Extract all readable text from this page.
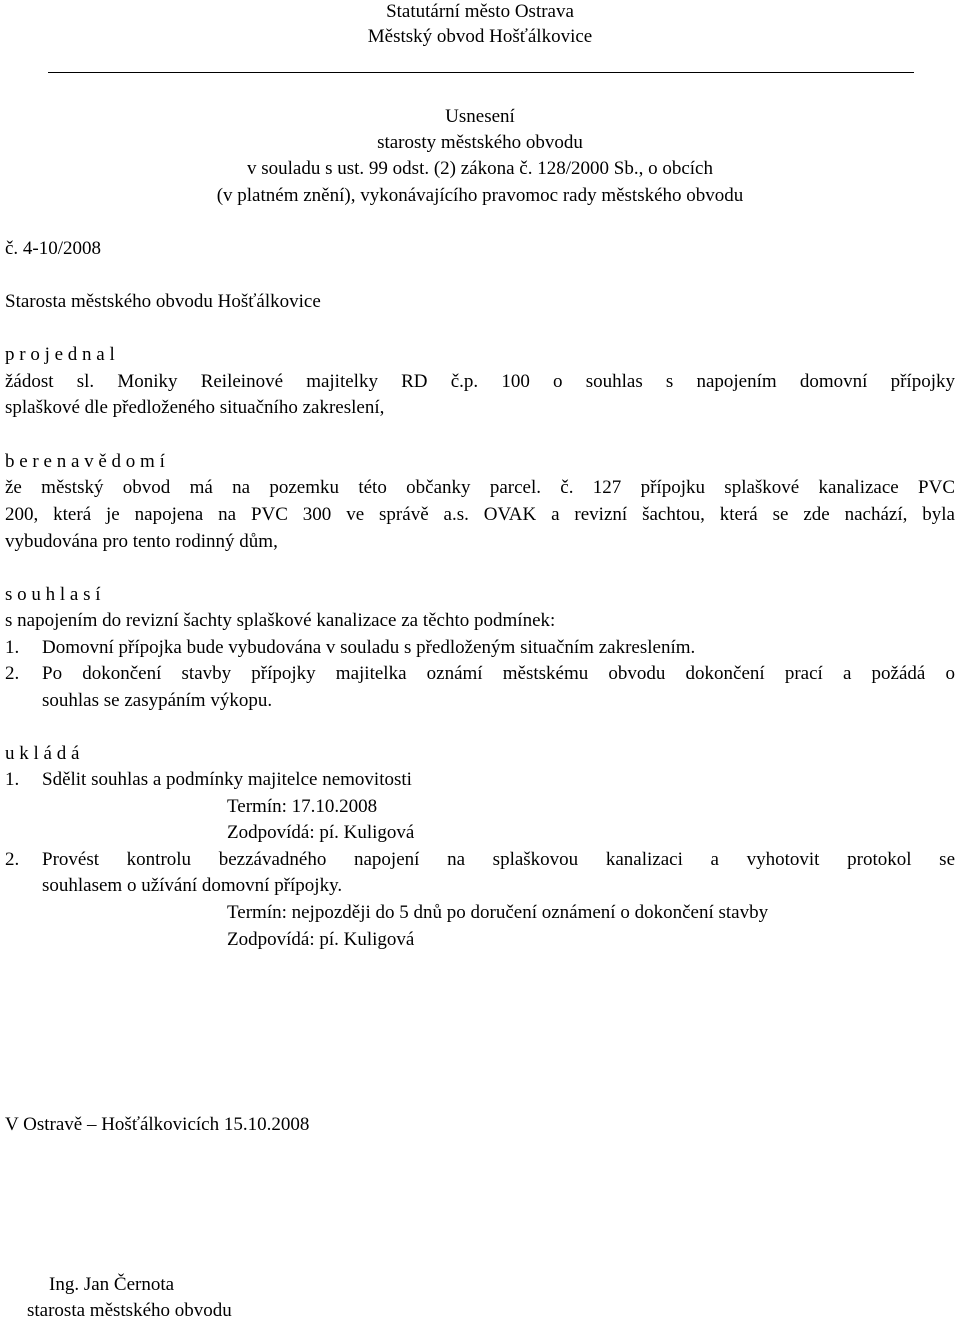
Statutární město Ostrava
Městský obvod Hošťálkovice
Usnesení
starosty městského obvodu
v souladu s ust. 99 odst. (2) zákona č. 128/2000 Sb., o obcích
(v platném znění), vykonávajícího pravomoc rady městského obvodu
č. 4-10/2008
Starosta městského obvodu Hošťálkovice
p r o j e d n a l
žádost sl. Moniky Reileinové majitelky RD č.p. 100 o souhlas s napojením domovní přípojky
splaškové dle předloženého situačního zakreslení,
b e r e n a v ě d o m í
že městský obvod má na pozemku této občanky parcel. č. 127 přípojku splaškové kanalizace PVC
200, která je napojena na PVC 300 ve správě a.s. OVAK a revizní šachtou, která se zde nachází, byla
vybudována pro tento rodinný dům,
s o u h l a s í
s napojením do revizní šachty splaškové kanalizace za těchto podmínek:
1. Domovní přípojka bude vybudována v souladu s předloženým situačním zakreslením.
2. Po dokončení stavby přípojky majitelka oznámí městskému obvodu dokončení prací a požádá o
souhlas se zasypáním výkopu.
u k l á d á
1. Sdělit souhlas a podmínky majitelce nemovitosti
Termín: 17.10.2008
Zodpovídá: pí. Kuligová
2. Provést kontrolu bezzávadného napojení na splaškovou kanalizaci a vyhotovit protokol se
souhlasem o užívání domovní přípojky.
Termín: nejpozději do 5 dnů po doručení oznámení o dokončení stavby
Zodpovídá: pí. Kuligová
V Ostravě – Hošťálkovicích 15.10.2008
Ing. Jan Černota
starosta městského obvodu
